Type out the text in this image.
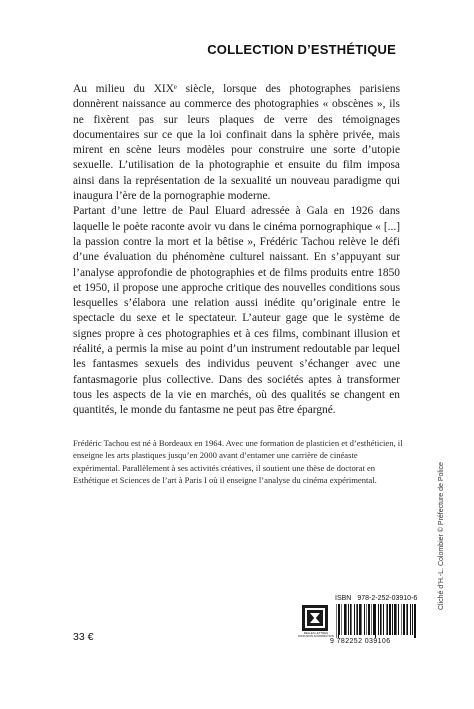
COLLECTION D’ESTHÉTIQUE

Au milieu du XIXᵉ siècle, lorsque des photographes parisiens donnèrent naissance au commerce des photographies « obscènes », ils ne fixèrent pas sur leurs plaques de verre des témoignages documentaires sur ce que la loi confinait dans la sphère privée, mais mirent en scène leurs modèles pour construire une sorte d’utopie sexuelle. L’utilisation de la photographie et ensuite du film imposa ainsi dans la représentation de la sexualité un nouveau paradigme qui inaugura l’ère de la pornographie moderne.

Partant d’une lettre de Paul Eluard adressée à Gala en 1926 dans laquelle le poète raconte avoir vu dans le cinéma pornographique « [...] la passion contre la mort et la bêtise », Frédéric Tachou relève le défi d’une évaluation du phénomène culturel naissant. En s’appuyant sur l’analyse approfondie de photographies et de films produits entre 1850 et 1950, il propose une approche critique des nouvelles conditions sous lesquelles s’élabora une relation aussi inédite qu’originale entre le spectacle du sexe et le spectateur. L’auteur gage que le système de signes propre à ces photographies et à ces films, combinant illusion et réalité, a permis la mise au point d’un instrument redoutable par lequel les fantasmes sexuels des individus peuvent s’échanger avec une fantasmagorie plus collective. Dans des sociétés aptes à transformer tous les aspects de la vie en marchés, où des qualités se changent en quantités, le monde du fantasme ne peut pas être épargné.

Frédéric Tachou est né à Bordeaux en 1964. Avec une formation de plasticien et d’esthéticien, il enseigne les arts plastiques jusqu’en 2000 avant d’entamer une carrière de cinéaste expérimental. Parallèlement à ses activités créatives, il soutient une thèse de doctorat en Esthétique et Sciences de l’art à Paris I où il enseigne l’analyse du cinéma expérimental.	Cliché d’H.-L. Colombier © Préfecture de Police
ISBN 978-2-252-03910-6
BELLES LETTRES DIFFUSION DISTRIBUTION
9 782252 039106
33 €
